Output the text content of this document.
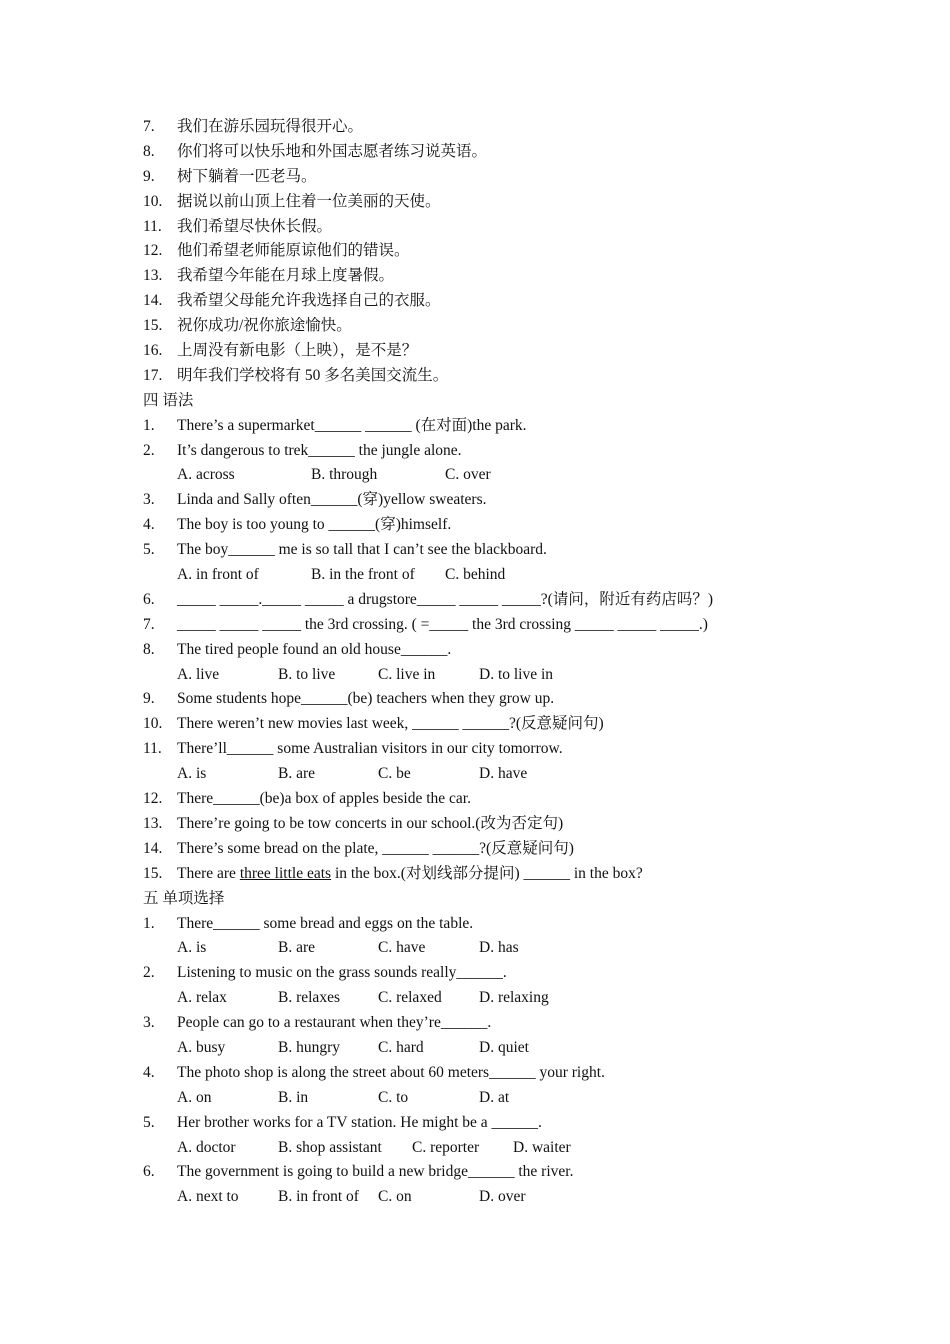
7.	我们在游乐园玩得很开心。
8.	你们将可以快乐地和外国志愿者练习说英语。
9.	树下躺着一匹老马。
10. 据说以前山顶上住着一位美丽的天使。
11. 我们希望尽快休长假。
12. 他们希望老师能原谅他们的错误。
13. 我希望今年能在月球上度暑假。
14. 我希望父母能允许我选择自己的衣服。
15. 祝你成功/祝你旅途愉快。
16. 上周没有新电影（上映），是不是？
17. 明年我们学校将有 50 多名美国交流生。
四 语法
1.	There’s a supermarket______ ______ (在对面)the park.
2.	It’s dangerous to trek______ the jungle alone.
A. across	B. through	C. over
3.	Linda and Sally often______(穿)yellow sweaters.
4.	The boy is too young to ______(穿)himself.
5.	The boy______ me is so tall that I can’t see the blackboard.
A. in front of	B. in the front of C. behind
6.	_____ _____._____ _____ a drugstore_____ _____ _____?(请问，附近有药店吗？)
7.	_____ _____ _____ the 3rd crossing. ( =_____ the 3rd crossing _____ _____ _____.)
8.	The tired people found an old house______.
A. live	B. to live	C. live in	D. to live in
9.	Some students hope______(be) teachers when they grow up.
10. There weren’t new movies last week, ______ ______?(反意疑问句)
11. There’ll______ some Australian visitors in our city tomorrow.
A. is	B. are	C. be	D. have
12. There______(be)a box of apples beside the car.
13. There’re going to be tow concerts in our school.(改为否定句)
14. There’s some bread on the plate, ______ ______?(反意疑问句)
15. There are three little eats in the box.(对划线部分提问) ______ in the box?
五 单项选择
1.	There______ some bread and eggs on the table.
A. is	B. are	C. have	D. has
2.	Listening to music on the grass sounds really______.
A. relax	B. relaxes C. relaxed D. relaxing
3.	People can go to a restaurant when they’re______.
A. busy	B. hungry C. hard	D. quiet
4.	The photo shop is along the street about 60 meters______ your right.
A. on	B. in	C. to	D. at
5.	Her brother works for a TV station. He might be a ______.
A. doctor	B. shop assistant C. reporter D. waiter
6.	The government is going to build a new bridge______ the river.
A. next to	B. in front of C. on	D. over
